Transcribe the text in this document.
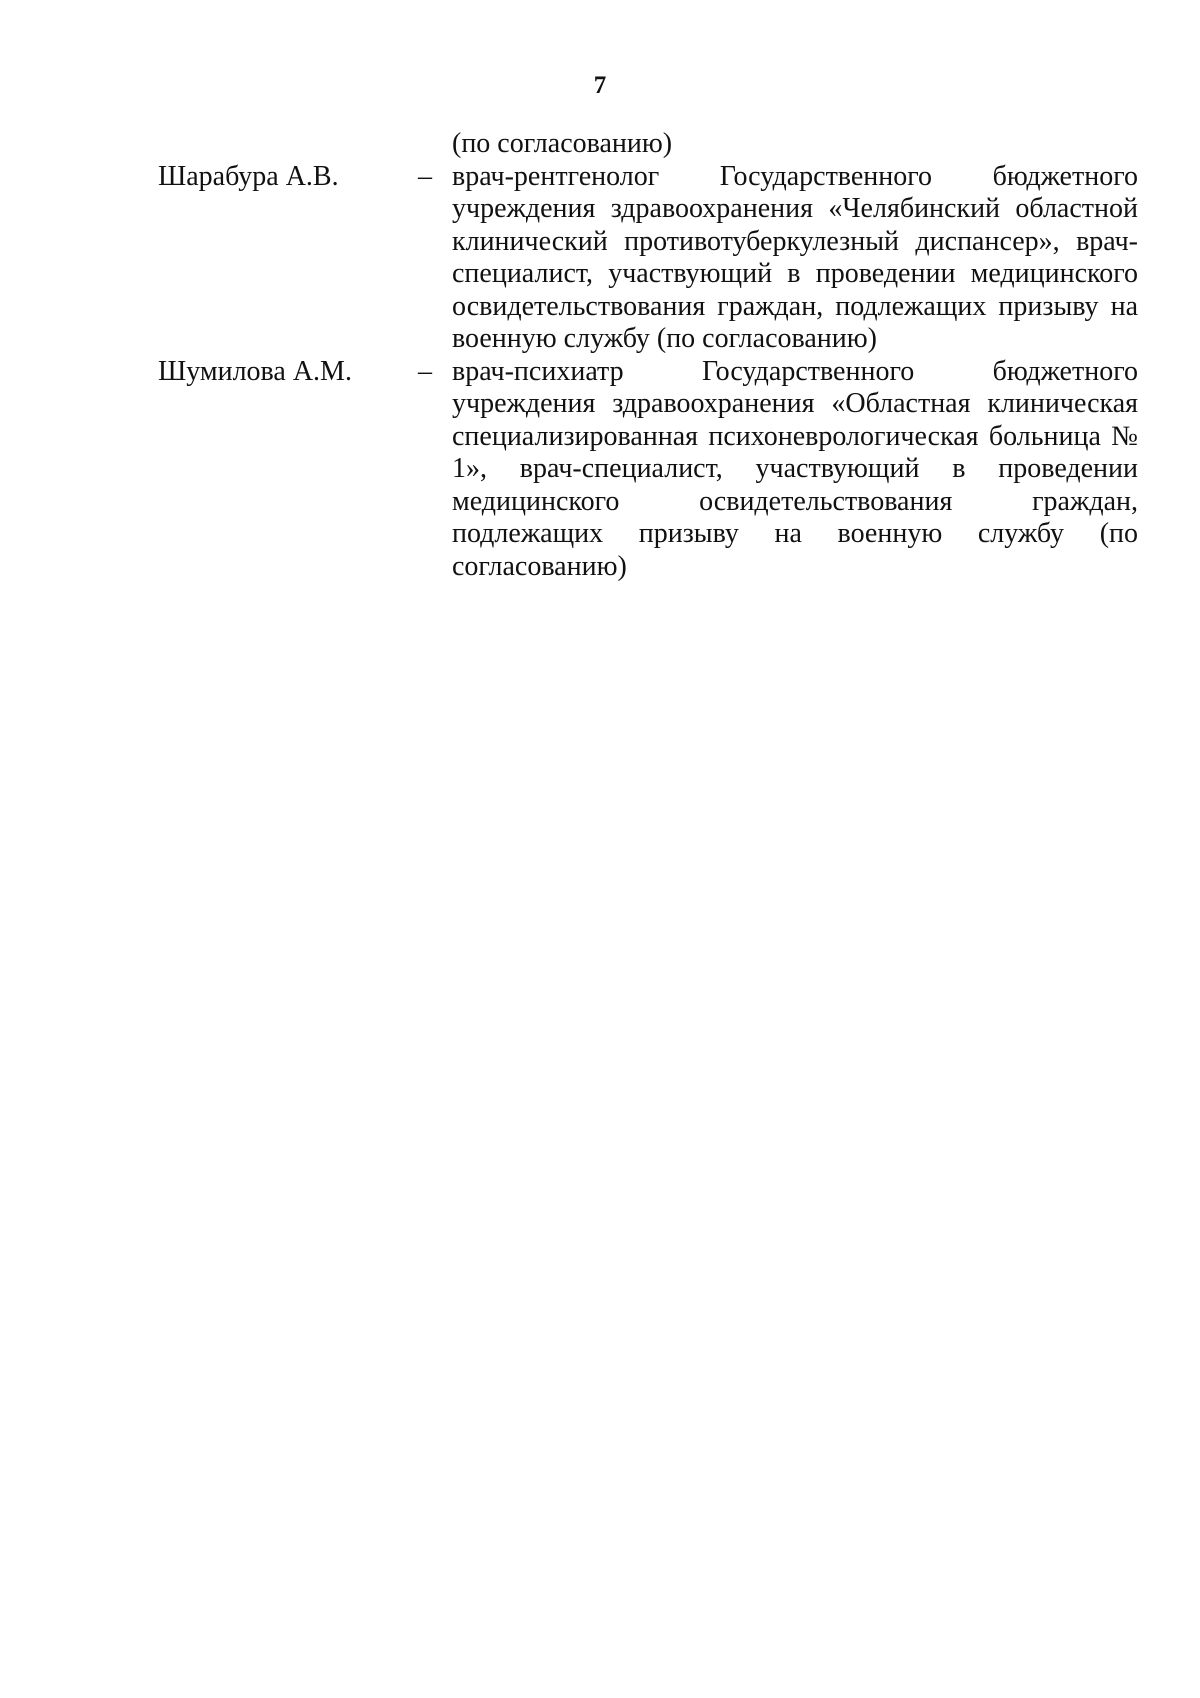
7
(по согласованию)
Шарабура А.В.	– врач-рентгенолог Государственного бюджетного учреждения здравоохранения «Челябинский областной клинический противотуберкулезный диспансер», врач-специалист, участвующий в проведении медицинского освидетельствования граждан, подлежащих призыву на военную службу (по согласованию)
Шумилова А.М.	– врач-психиатр Государственного бюджетного учреждения здравоохранения «Областная клиническая специализированная психоневрологическая больница № 1», врач-специалист, участвующий в проведении медицинского освидетельствования граждан, подлежащих призыву на военную службу (по согласованию)
